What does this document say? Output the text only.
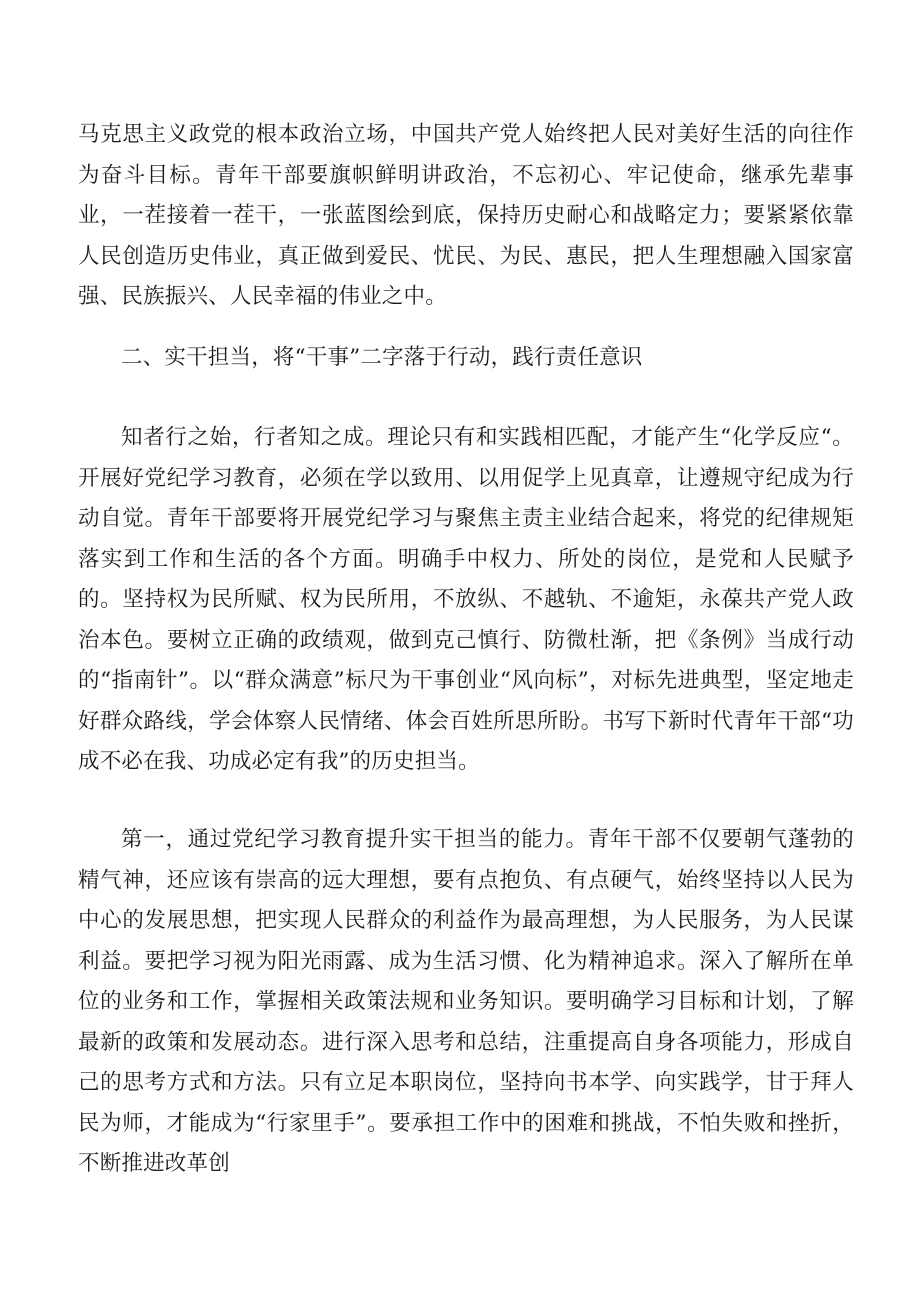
马克思主义政党的根本政治立场，中国共产党人始终把人民对美好生活的向往作为奋斗目标。青年干部要旗帜鲜明讲政治，不忘初心、牢记使命，继承先辈事业，一茬接着一茬干，一张蓝图绘到底，保持历史耐心和战略定力；要紧紧依靠人民创造历史伟业，真正做到爱民、忧民、为民、惠民，把人生理想融入国家富强、民族振兴、人民幸福的伟业之中。

二、实干担当，将“干事”二字落于行动，践行责任意识

知者行之始，行者知之成。理论只有和实践相匹配，才能产生“化学反应“。开展好党纪学习教育，必须在学以致用、以用促学上见真章，让遵规守纪成为行动自觉。青年干部要将开展党纪学习与聚焦主责主业结合起来，将党的纪律规矩落实到工作和生活的各个方面。明确手中权力、所处的岗位，是党和人民赋予的。坚持权为民所赋、权为民所用，不放纵、不越轨、不逾矩，永葆共产党人政治本色。要树立正确的政绩观，做到克己慎行、防微杜渐，把《条例》当成行动的“指南针”。以“群众满意”标尺为干事创业“风向标”，对标先进典型，坚定地走好群众路线，学会体察人民情绪、体会百姓所思所盼。书写下新时代青年干部“功成不必在我、功成必定有我”的历史担当。

第一，通过党纪学习教育提升实干担当的能力。青年干部不仅要朝气蓬勃的精气神，还应该有崇高的远大理想，要有点抱负、有点硬气，始终坚持以人民为中心的发展思想，把实现人民群众的利益作为最高理想，为人民服务，为人民谋利益。要把学习视为阳光雨露、成为生活习惯、化为精神追求。深入了解所在单位的业务和工作，掌握相关政策法规和业务知识。要明确学习目标和计划，了解最新的政策和发展动态。进行深入思考和总结，注重提高自身各项能力，形成自己的思考方式和方法。只有立足本职岗位，坚持向书本学、向实践学，甘于拜人民为师，才能成为“行家里手”。要承担工作中的困难和挑战，不怕失败和挫折，不断推进改革创
